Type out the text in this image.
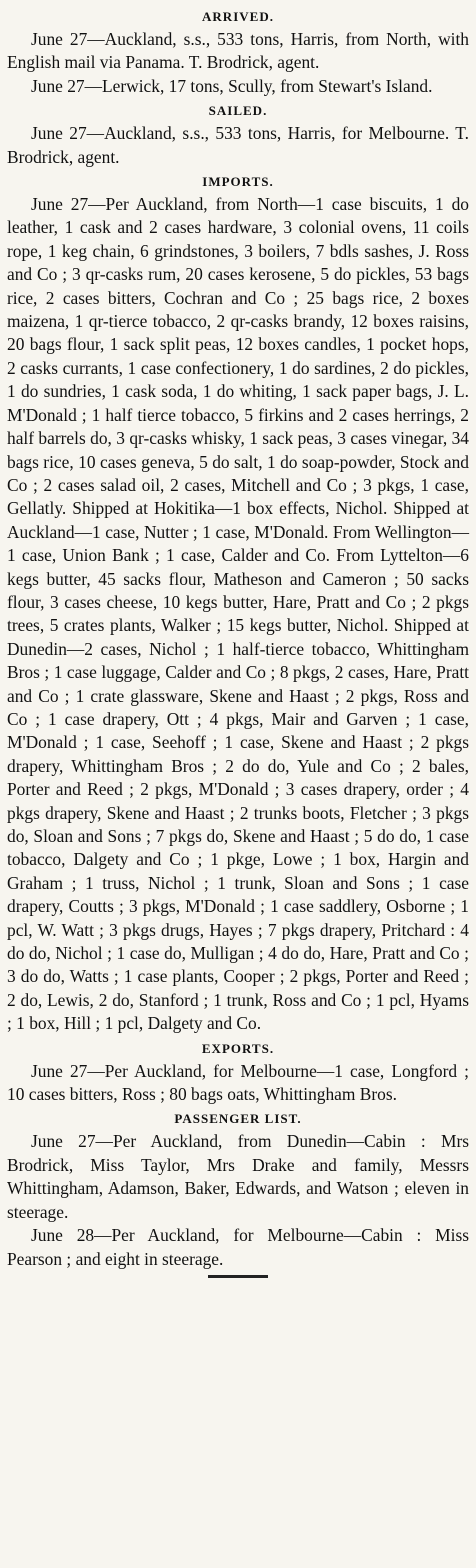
ARRIVED.

June 27—Auckland, s.s., 533 tons, Harris, from North, with English mail via Panama. T. Brodrick, agent.

June 27—Lerwick, 17 tons, Scully, from Stewart's Island.

SAILED.

June 27—Auckland, s.s., 533 tons, Harris, for Melbourne. T. Brodrick, agent.

IMPORTS.

June 27—Per Auckland, from North—1 case biscuits, 1 do leather, 1 cask and 2 cases hardware, 3 colonial ovens, 11 coils rope, 1 keg chain, 6 grindstones, 3 boilers, 7 bdls sashes, J. Ross and Co ; 3 qr-casks rum, 20 cases kerosene, 5 do pickles, 53 bags rice, 2 cases bitters, Cochran and Co ; 25 bags rice, 2 boxes maizena, 1 qr-tierce tobacco, 2 qr-casks brandy, 12 boxes raisins, 20 bags flour, 1 sack split peas, 12 boxes candles, 1 pocket hops, 2 casks currants, 1 case confectionery, 1 do sardines, 2 do pickles, 1 do sundries, 1 cask soda, 1 do whiting, 1 sack paper bags, J. L. M'Donald ; 1 half tierce tobacco, 5 firkins and 2 cases herrings, 2 half barrels do, 3 qr-casks whisky, 1 sack peas, 3 cases vinegar, 34 bags rice, 10 cases geneva, 5 do salt, 1 do soap-powder, Stock and Co ; 2 cases salad oil, 2 cases, Mitchell and Co ; 3 pkgs, 1 case, Gellatly. Shipped at Hokitika—1 box effects, Nichol. Shipped at Auckland—1 case, Nutter ; 1 case, M'Donald. From Wellington—1 case, Union Bank ; 1 case, Calder and Co. From Lyttelton—6 kegs butter, 45 sacks flour, Matheson and Cameron ; 50 sacks flour, 3 cases cheese, 10 kegs butter, Hare, Pratt and Co ; 2 pkgs trees, 5 crates plants, Walker ; 15 kegs butter, Nichol. Shipped at Dunedin—2 cases, Nichol ; 1 half-tierce tobacco, Whittingham Bros ; 1 case luggage, Calder and Co ; 8 pkgs, 2 cases, Hare, Pratt and Co ; 1 crate glassware, Skene and Haast ; 2 pkgs, Ross and Co ; 1 case drapery, Ott ; 4 pkgs, Mair and Garven ; 1 case, M'Donald ; 1 case, Seehoff ; 1 case, Skene and Haast ; 2 pkgs drapery, Whittingham Bros ; 2 do do, Yule and Co ; 2 bales, Porter and Reed ; 2 pkgs, M'Donald ; 3 cases drapery, order ; 4 pkgs drapery, Skene and Haast ; 2 trunks boots, Fletcher ; 3 pkgs do, Sloan and Sons ; 7 pkgs do, Skene and Haast ; 5 do do, 1 case tobacco, Dalgety and Co ; 1 pkge, Lowe ; 1 box, Hargin and Graham ; 1 truss, Nichol ; 1 trunk, Sloan and Sons ; 1 case drapery, Coutts ; 3 pkgs, M'Donald ; 1 case saddlery, Osborne ; 1 pcl, W. Watt ; 3 pkgs drugs, Hayes ; 7 pkgs drapery, Pritchard : 4 do do, Nichol ; 1 case do, Mulligan ; 4 do do, Hare, Pratt and Co ; 3 do do, Watts ; 1 case plants, Cooper ; 2 pkgs, Porter and Reed ; 2 do, Lewis, 2 do, Stanford ; 1 trunk, Ross and Co ; 1 pcl, Hyams ; 1 box, Hill ; 1 pcl, Dalgety and Co.

EXPORTS.

June 27—Per Auckland, for Melbourne—1 case, Longford ; 10 cases bitters, Ross ; 80 bags oats, Whittingham Bros.

PASSENGER LIST.

June 27—Per Auckland, from Dunedin—Cabin : Mrs Brodrick, Miss Taylor, Mrs Drake and family, Messrs Whittingham, Adamson, Baker, Edwards, and Watson ; eleven in steerage.

June 28—Per Auckland, for Melbourne—Cabin : Miss Pearson ; and eight in steerage.
